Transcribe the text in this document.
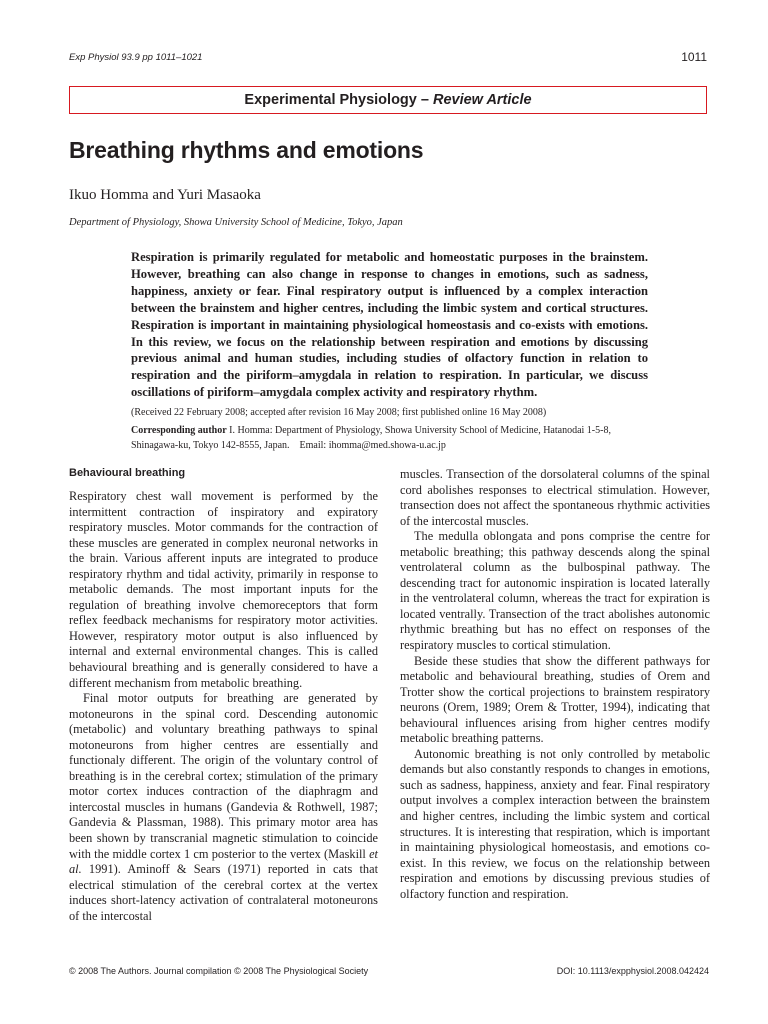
Exp Physiol 93.9 pp 1011–1021	1011
Experimental Physiology – Review Article
Breathing rhythms and emotions
Ikuo Homma and Yuri Masaoka
Department of Physiology, Showa University School of Medicine, Tokyo, Japan

Respiration is primarily regulated for metabolic and homeostatic purposes in the brainstem. However, breathing can also change in response to changes in emotions, such as sadness, happiness, anxiety or fear. Final respiratory output is influenced by a complex interaction between the brainstem and higher centres, including the limbic system and cortical structures. Respiration is important in maintaining physiological homeostasis and co-exists with emotions. In this review, we focus on the relationship between respiration and emotions by discussing previous animal and human studies, including studies of olfactory function in relation to respiration and the piriform–amygdala in relation to respiration. In particular, we discuss oscillations of piriform–amygdala complex activity and respiratory rhythm.

(Received 22 February 2008; accepted after revision 16 May 2008; first published online 16 May 2008)

Corresponding author I. Homma: Department of Physiology, Showa University School of Medicine, Hatanodai 1-5-8, Shinagawa-ku, Tokyo 142-8555, Japan.    Email: ihomma@med.showa-u.ac.jp

Behavioural breathing

Respiratory chest wall movement is performed by the intermittent contraction of inspiratory and expiratory respiratory muscles. Motor commands for the contraction of these muscles are generated in complex neuronal networks in the brain. Various afferent inputs are integrated to produce respiratory rhythm and tidal activity, primarily in response to metabolic demands. The most important inputs for the regulation of breathing involve chemoreceptors that form reflex feedback mechanisms for respiratory motor activities. However, respiratory motor output is also influenced by internal and external environmental changes. This is called behavioural breathing and is generally considered to have a different mechanism from metabolic breathing.

Final motor outputs for breathing are generated by motoneurons in the spinal cord. Descending autonomic (metabolic) and voluntary breathing pathways to spinal motoneurons from higher centres are essentially and functionaly different. The origin of the voluntary control of breathing is in the cerebral cortex; stimulation of the primary motor cortex induces contraction of the diaphragm and intercostal muscles in humans (Gandevia & Rothwell, 1987; Gandevia & Plassman, 1988). This primary motor area has been shown by transcranial magnetic stimulation to coincide with the middle cortex 1 cm posterior to the vertex (Maskill et al. 1991). Aminoff & Sears (1971) reported in cats that electrical stimulation of the cerebral cortex at the vertex induces short-latency activation of contralateral motoneurons of the intercostal

muscles. Transection of the dorsolateral columns of the spinal cord abolishes responses to electrical stimulation. However, transection does not affect the spontaneous rhythmic activities of the intercostal muscles.

The medulla oblongata and pons comprise the centre for metabolic breathing; this pathway descends along the spinal ventrolateral column as the bulbospinal pathway. The descending tract for autonomic inspiration is located laterally in the ventrolateral column, whereas the tract for expiration is located ventrally. Transection of the tract abolishes autonomic rhythmic breathing but has no effect on responses of the respiratory muscles to cortical stimulation.

Beside these studies that show the different pathways for metabolic and behavioural breathing, studies of Orem and Trotter show the cortical projections to brainstem respiratory neurons (Orem, 1989; Orem & Trotter, 1994), indicating that behavioural influences arising from higher centres modify metabolic breathing patterns.

Autonomic breathing is not only controlled by metabolic demands but also constantly responds to changes in emotions, such as sadness, happiness, anxiety and fear. Final respiratory output involves a complex interaction between the brainstem and higher centres, including the limbic system and cortical structures. It is interesting that respiration, which is important in maintaining physiological homeostasis, and emotions co-exist. In this review, we focus on the relationship between respiration and emotions by discussing previous studies of olfactory function and respiration.

© 2008 The Authors. Journal compilation © 2008 The Physiological Society	DOI: 10.1113/expphysiol.2008.042424
